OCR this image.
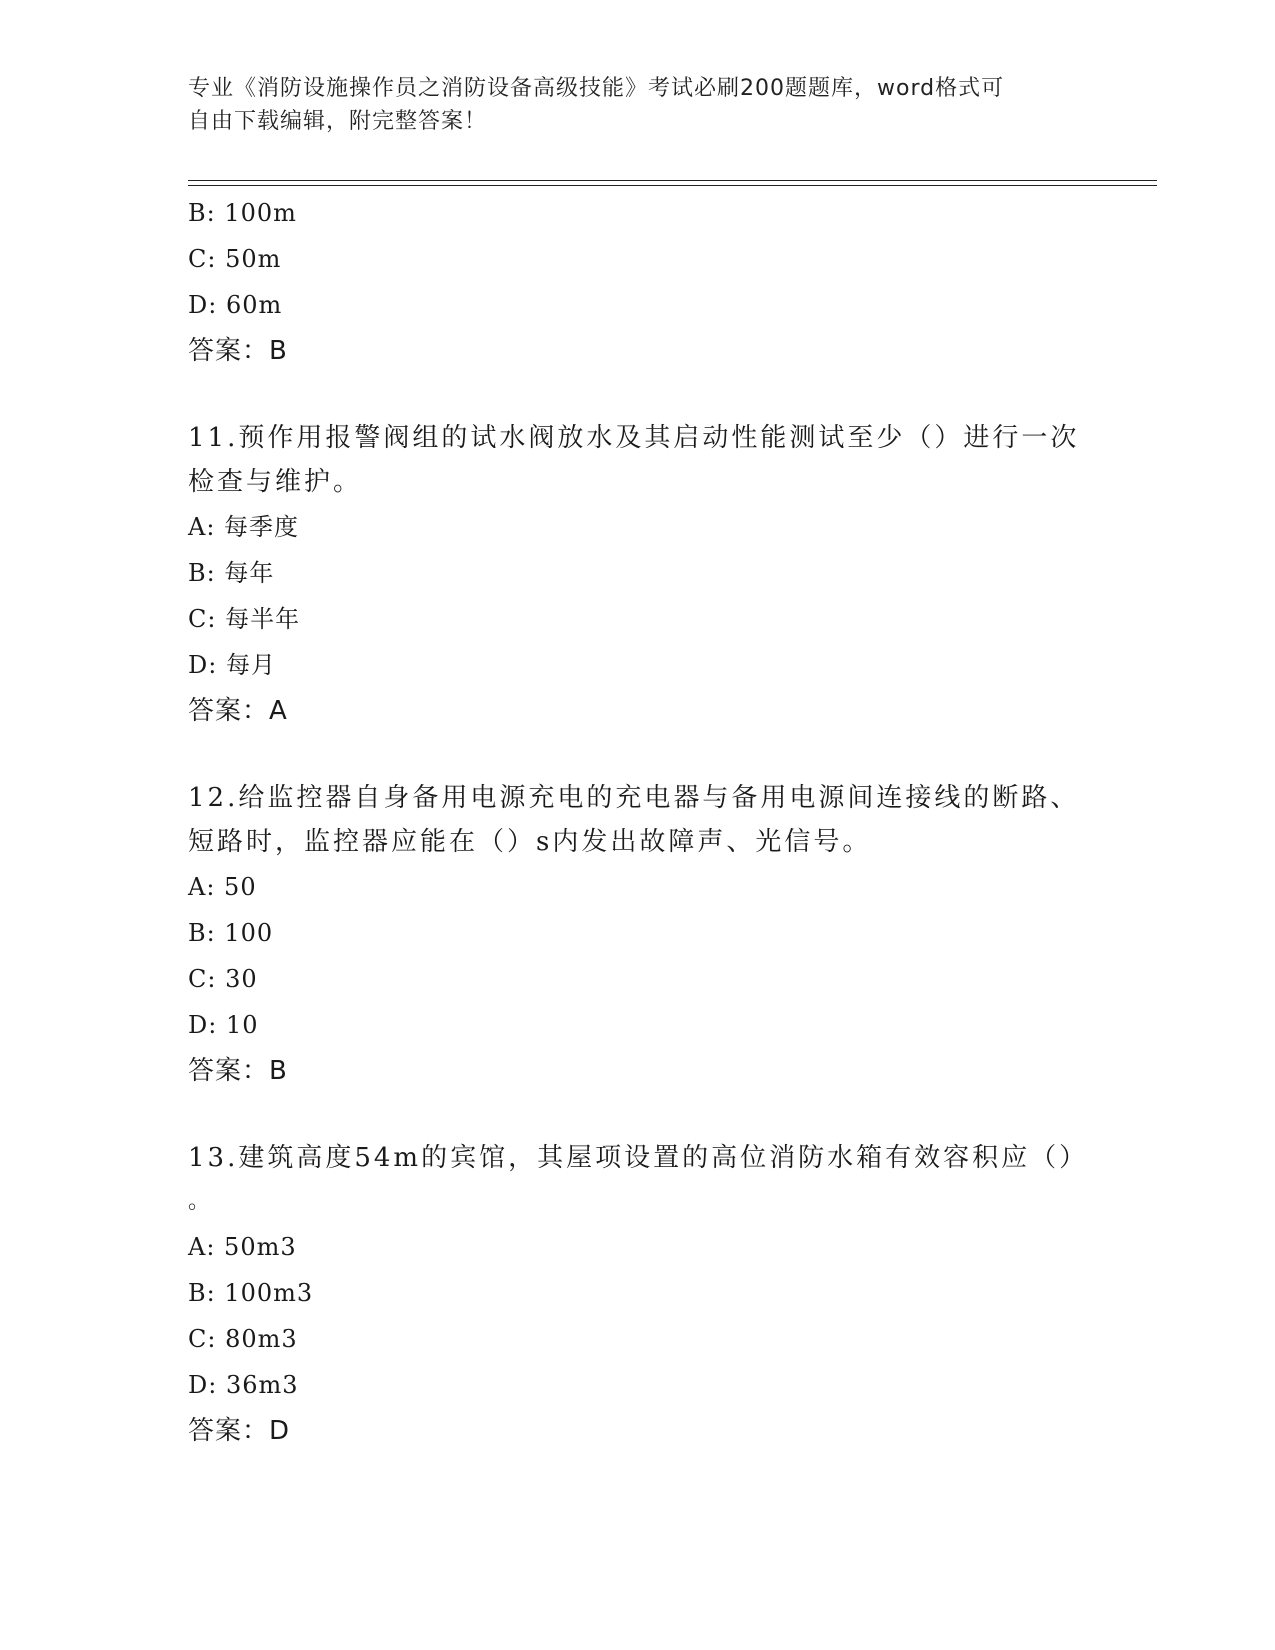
专业《消防设施操作员之消防设备高级技能》考试必刷200题题库，word格式可
自由下载编辑，附完整答案！

B: 100m

C: 50m

D: 60m

答案：B

11.预作用报警阀组的试水阀放水及其启动性能测试至少（）进行一次

检查与维护。

A: 每季度

B: 每年

C: 每半年

D: 每月

答案：A

12.给监控器自身备用电源充电的充电器与备用电源间连接线的断路、

短路时，监控器应能在（）s内发出故障声、光信号。

A: 50

B: 100

C: 30

D: 10

答案：B

13.建筑高度54m的宾馆，其屋项设置的高位消防水箱有效容积应（）

。

A: 50m3

B: 100m3

C: 80m3

D: 36m3

答案：D
